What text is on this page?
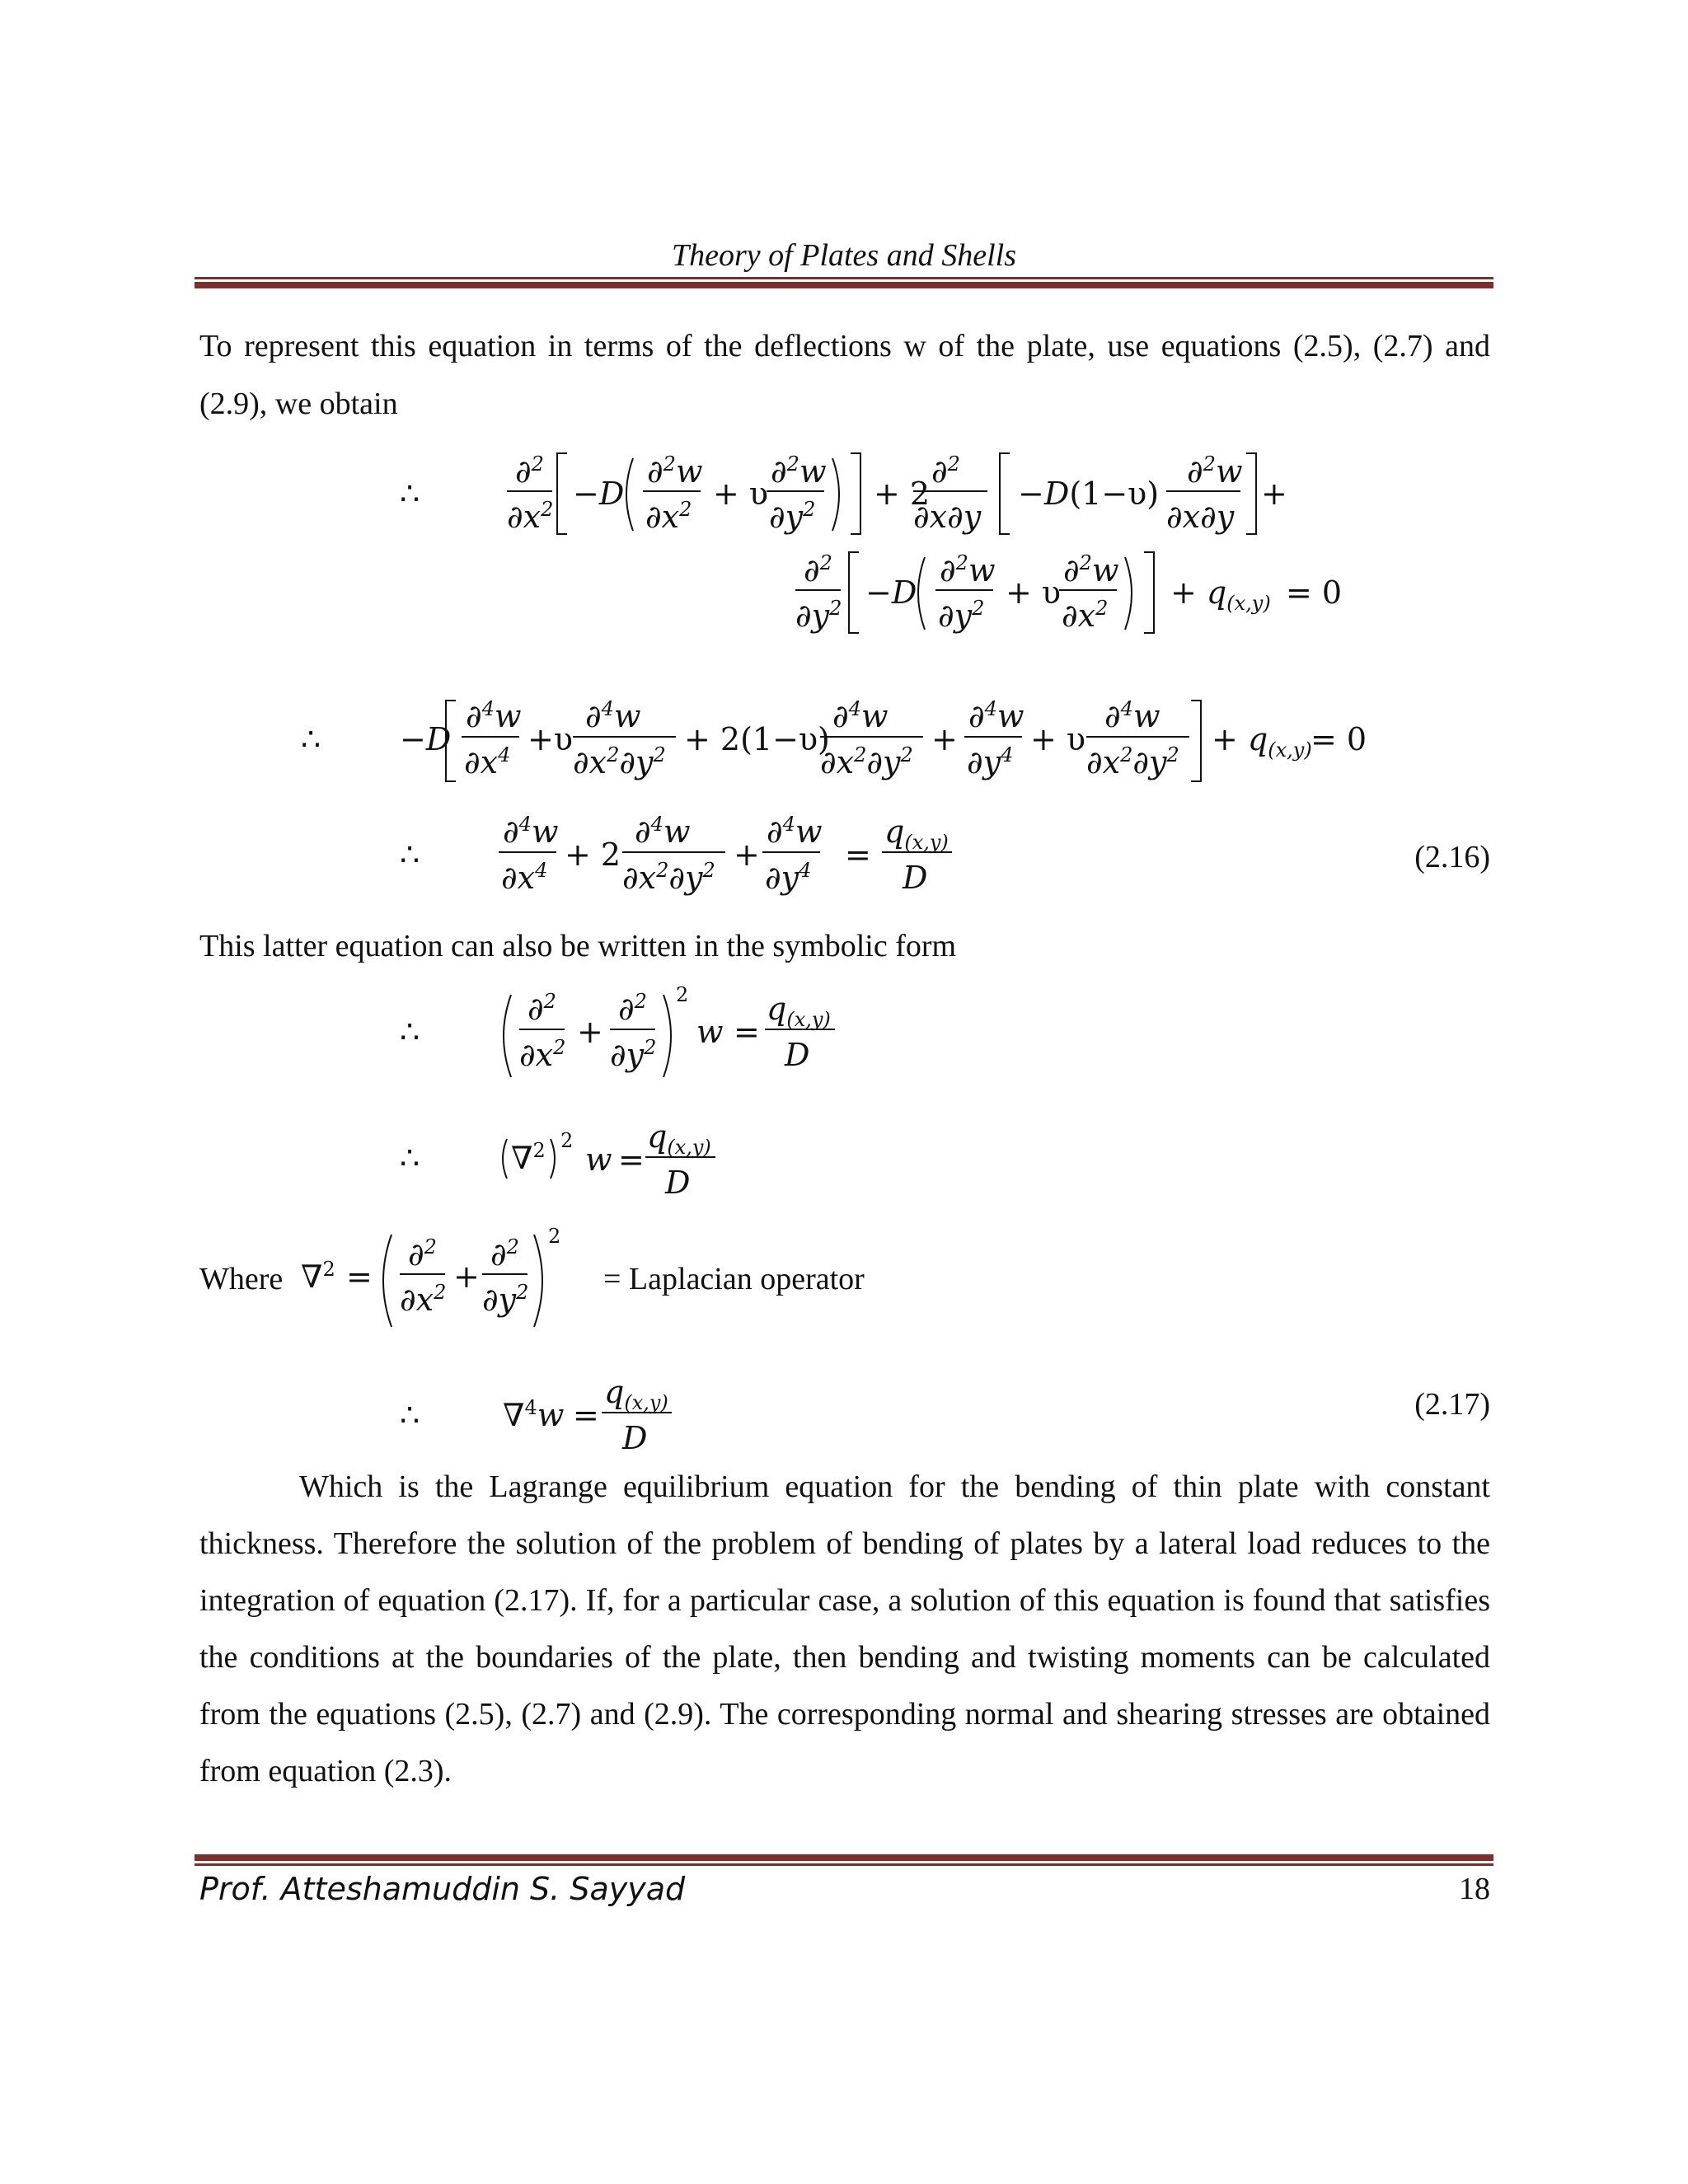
Theory of Plates and Shells
To represent this equation in terms of the deflections w of the plate, use equations (2.5), (2.7) and
(2.9), we obtain
∴
∂$^2$
$\partial x^2 -D$
∂$^2$w
$\partial x^2 + \upsilon$
∂$^2$w
$\partial y^2 + 2$
∂$^2$
∂x∂y
−D(1−υ)
∂$^2$w
∂x∂y
+
∂$^2$
$\partial y^2 -D$
∂$^2$w
$\partial y^2 + \upsilon$
∂$^2$w
$\partial x^2 + q_{(x,y)} = 0$
∴	−D
∂$^4$w
$\partial x^4 +\upsilon$
∂$^4$w
$\partial x^2\partial y^2 + 2(1-\upsilon)$
∂$^4$w
$\partial x^2\partial y^2$ +
∂$^4$w
$\partial y^4 + \upsilon$
∂$^4$w
$\partial x^2\partial y^2 + q_{(x,y)}$
= 0
∴
∂$^4$w
$\partial x^4 + 2$
∂$^4$w
$\partial x^2\partial y^2$ +
∂$^4$w
$\partial y^4$ =
$q_{(x,y)}$
D
(2.16)
This latter equation can also be written in the symbolic form
∴
∂$^2$
$\partial x^2$ +
∂$^2$
$\partial y^2$
2
w =
$q_{(x,y)}$
D
∴	∇$^2$ 2
w =
$q_{(x,y)}$
D
Where ∇$^2$ =
∂$^2$
$\partial x^2$ +
∂$^2$
$\partial y^2$
2
= Laplacian operator
∴	∇$^4$w =
$q_{(x,y)}$
D
(2.17)

Which is the Lagrange equilibrium equation for the bending of thin plate with constant thickness. Therefore the solution of the problem of bending of plates by a lateral load reduces to the integration of equation (2.17). If, for a particular case, a solution of this equation is found that satisfies the conditions at the boundaries of the plate, then bending and twisting moments can be calculated from the equations (2.5), (2.7) and (2.9). The corresponding normal and shearing stresses are obtained from equation (2.3).

Prof. Atteshamuddin S. Sayyad	18
